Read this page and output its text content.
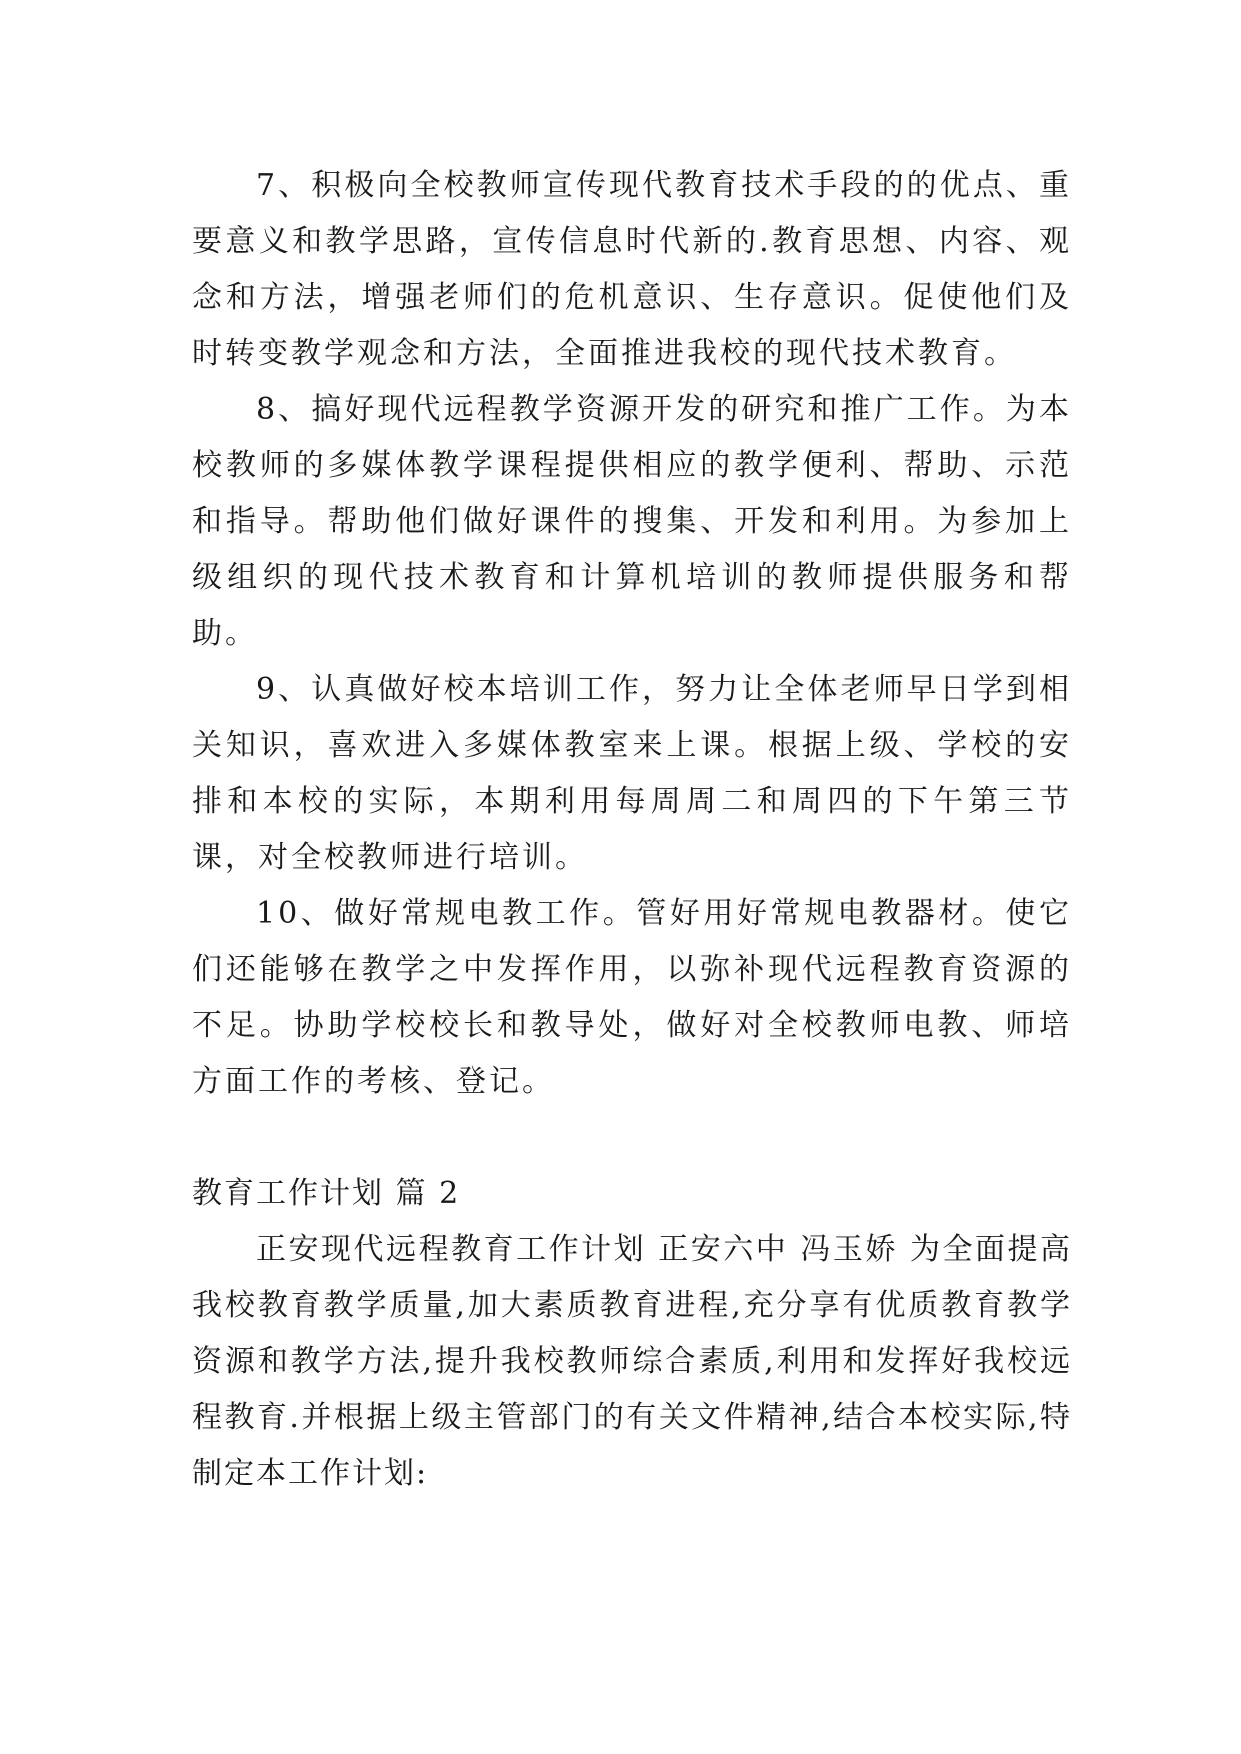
7、积极向全校教师宣传现代教育技术手段的的优点、重要意义和教学思路，宣传信息时代新的.教育思想、内容、观念和方法，增强老师们的危机意识、生存意识。促使他们及时转变教学观念和方法，全面推进我校的现代技术教育。

8、搞好现代远程教学资源开发的研究和推广工作。为本校教师的多媒体教学课程提供相应的教学便利、帮助、示范和指导。帮助他们做好课件的搜集、开发和利用。为参加上级组织的现代技术教育和计算机培训的教师提供服务和帮助。

9、认真做好校本培训工作，努力让全体老师早日学到相关知识，喜欢进入多媒体教室来上课。根据上级、学校的安排和本校的实际，本期利用每周周二和周四的下午第三节课，对全校教师进行培训。

10、做好常规电教工作。管好用好常规电教器材。使它们还能够在教学之中发挥作用，以弥补现代远程教育资源的不足。协助学校校长和教导处，做好对全校教师电教、师培方面工作的考核、登记。

教育工作计划 篇 2

正安现代远程教育工作计划 正安六中 冯玉娇 为全面提高我校教育教学质量,加大素质教育进程,充分享有优质教育教学资源和教学方法,提升我校教师综合素质,利用和发挥好我校远程教育.并根据上级主管部门的有关文件精神,结合本校实际,特制定本工作计划:
